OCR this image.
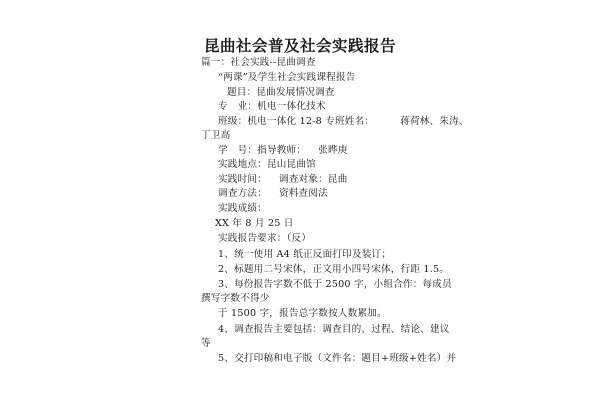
昆曲社会普及社会实践报告
篇一：社会实践--昆曲调查
“两课”及学生社会实践课程报告
题目：昆曲发展情况调查
专　业：机电一体化技术
班级：机电一体化 12-8 专班姓名：	蒋荷林、朱涛、
丁卫高
学　号：指导教师： 张晔庚
实践地点：昆山昆曲馆
实践时间： 调查对象：昆曲
调查方法： 资料查阅法
实践成绩：
XX 年 8 月 25 日
实践报告要求：（反）
1、统一使用 A4 纸正反面打印及装订；
2、标题用二号宋体，正文用小四号宋体，行距 1.5。
3、每份报告字数不低于 2500 字，小组合作：每成员
撰写字数不得少
于 1500 字，报告总字数按人数累加。
4、调查报告主要包括：调查目的、过程、结论、建议
等
5、交打印稿和电子版（文件名：题目+班级+姓名）并
